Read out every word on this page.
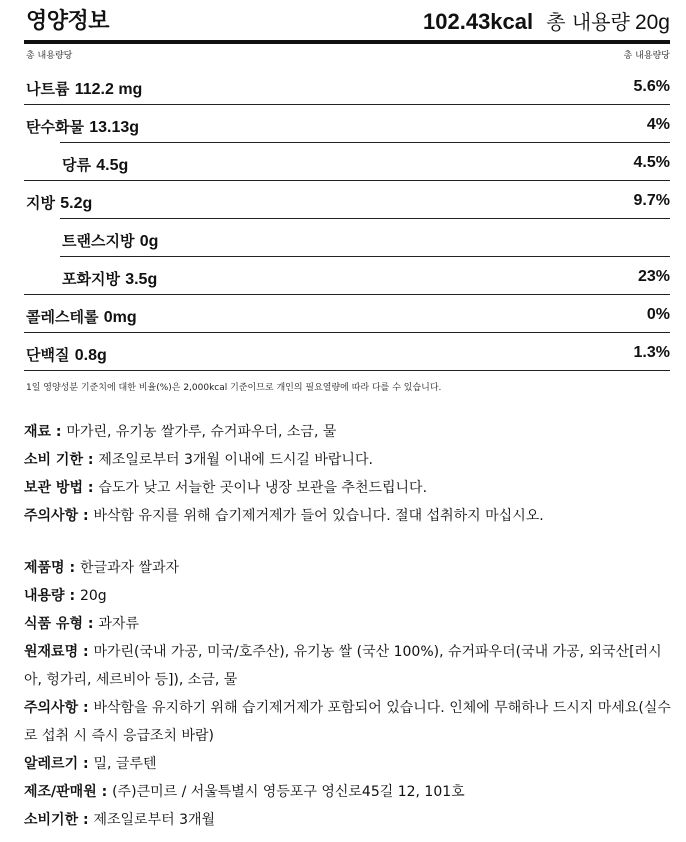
영양정보	102.43kcal 총 내용량 20g
총 내용량당	총 내용량당
나트륨 112.2 mg	5.6%
탄수화물 13.13g	4%
당류 4.5g	4.5%
지방 5.2g	9.7%
트랜스지방 0g
포화지방 3.5g	23%
콜레스테롤 0mg	0%
단백질 0.8g	1.3%
1일 영양성분 기준치에 대한 비율(%)은 2,000kcal 기준이므로 개인의 필요열량에 따라 다를 수 있습니다.
재료 : 마가린, 유기농 쌀가루, 슈거파우더, 소금, 물
소비 기한 : 제조일로부터 3개월 이내에 드시길 바랍니다.
보관 방법 : 습도가 낮고 서늘한 곳이나 냉장 보관을 추천드립니다.
주의사항 : 바삭함 유지를 위해 습기제거제가 들어 있습니다. 절대 섭취하지 마십시오.
제품명 : 한글과자 쌀과자
내용량 : 20g
식품 유형 : 과자류
원재료명 : 마가린(국내 가공, 미국/호주산), 유기농 쌀 (국산 100%), 슈거파우더(국내 가공, 외국산[러시아, 헝가리, 세르비아 등]), 소금, 물
주의사항 : 바삭함을 유지하기 위해 습기제거제가 포함되어 있습니다. 인체에 무해하나 드시지 마세요(실수로 섭취 시 즉시 응급조치 바람)
알레르기 : 밀, 글루텐
제조/판매원 : (주)큰미르 / 서울특별시 영등포구 영신로45길 12, 101호
소비기한 : 제조일로부터 3개월
